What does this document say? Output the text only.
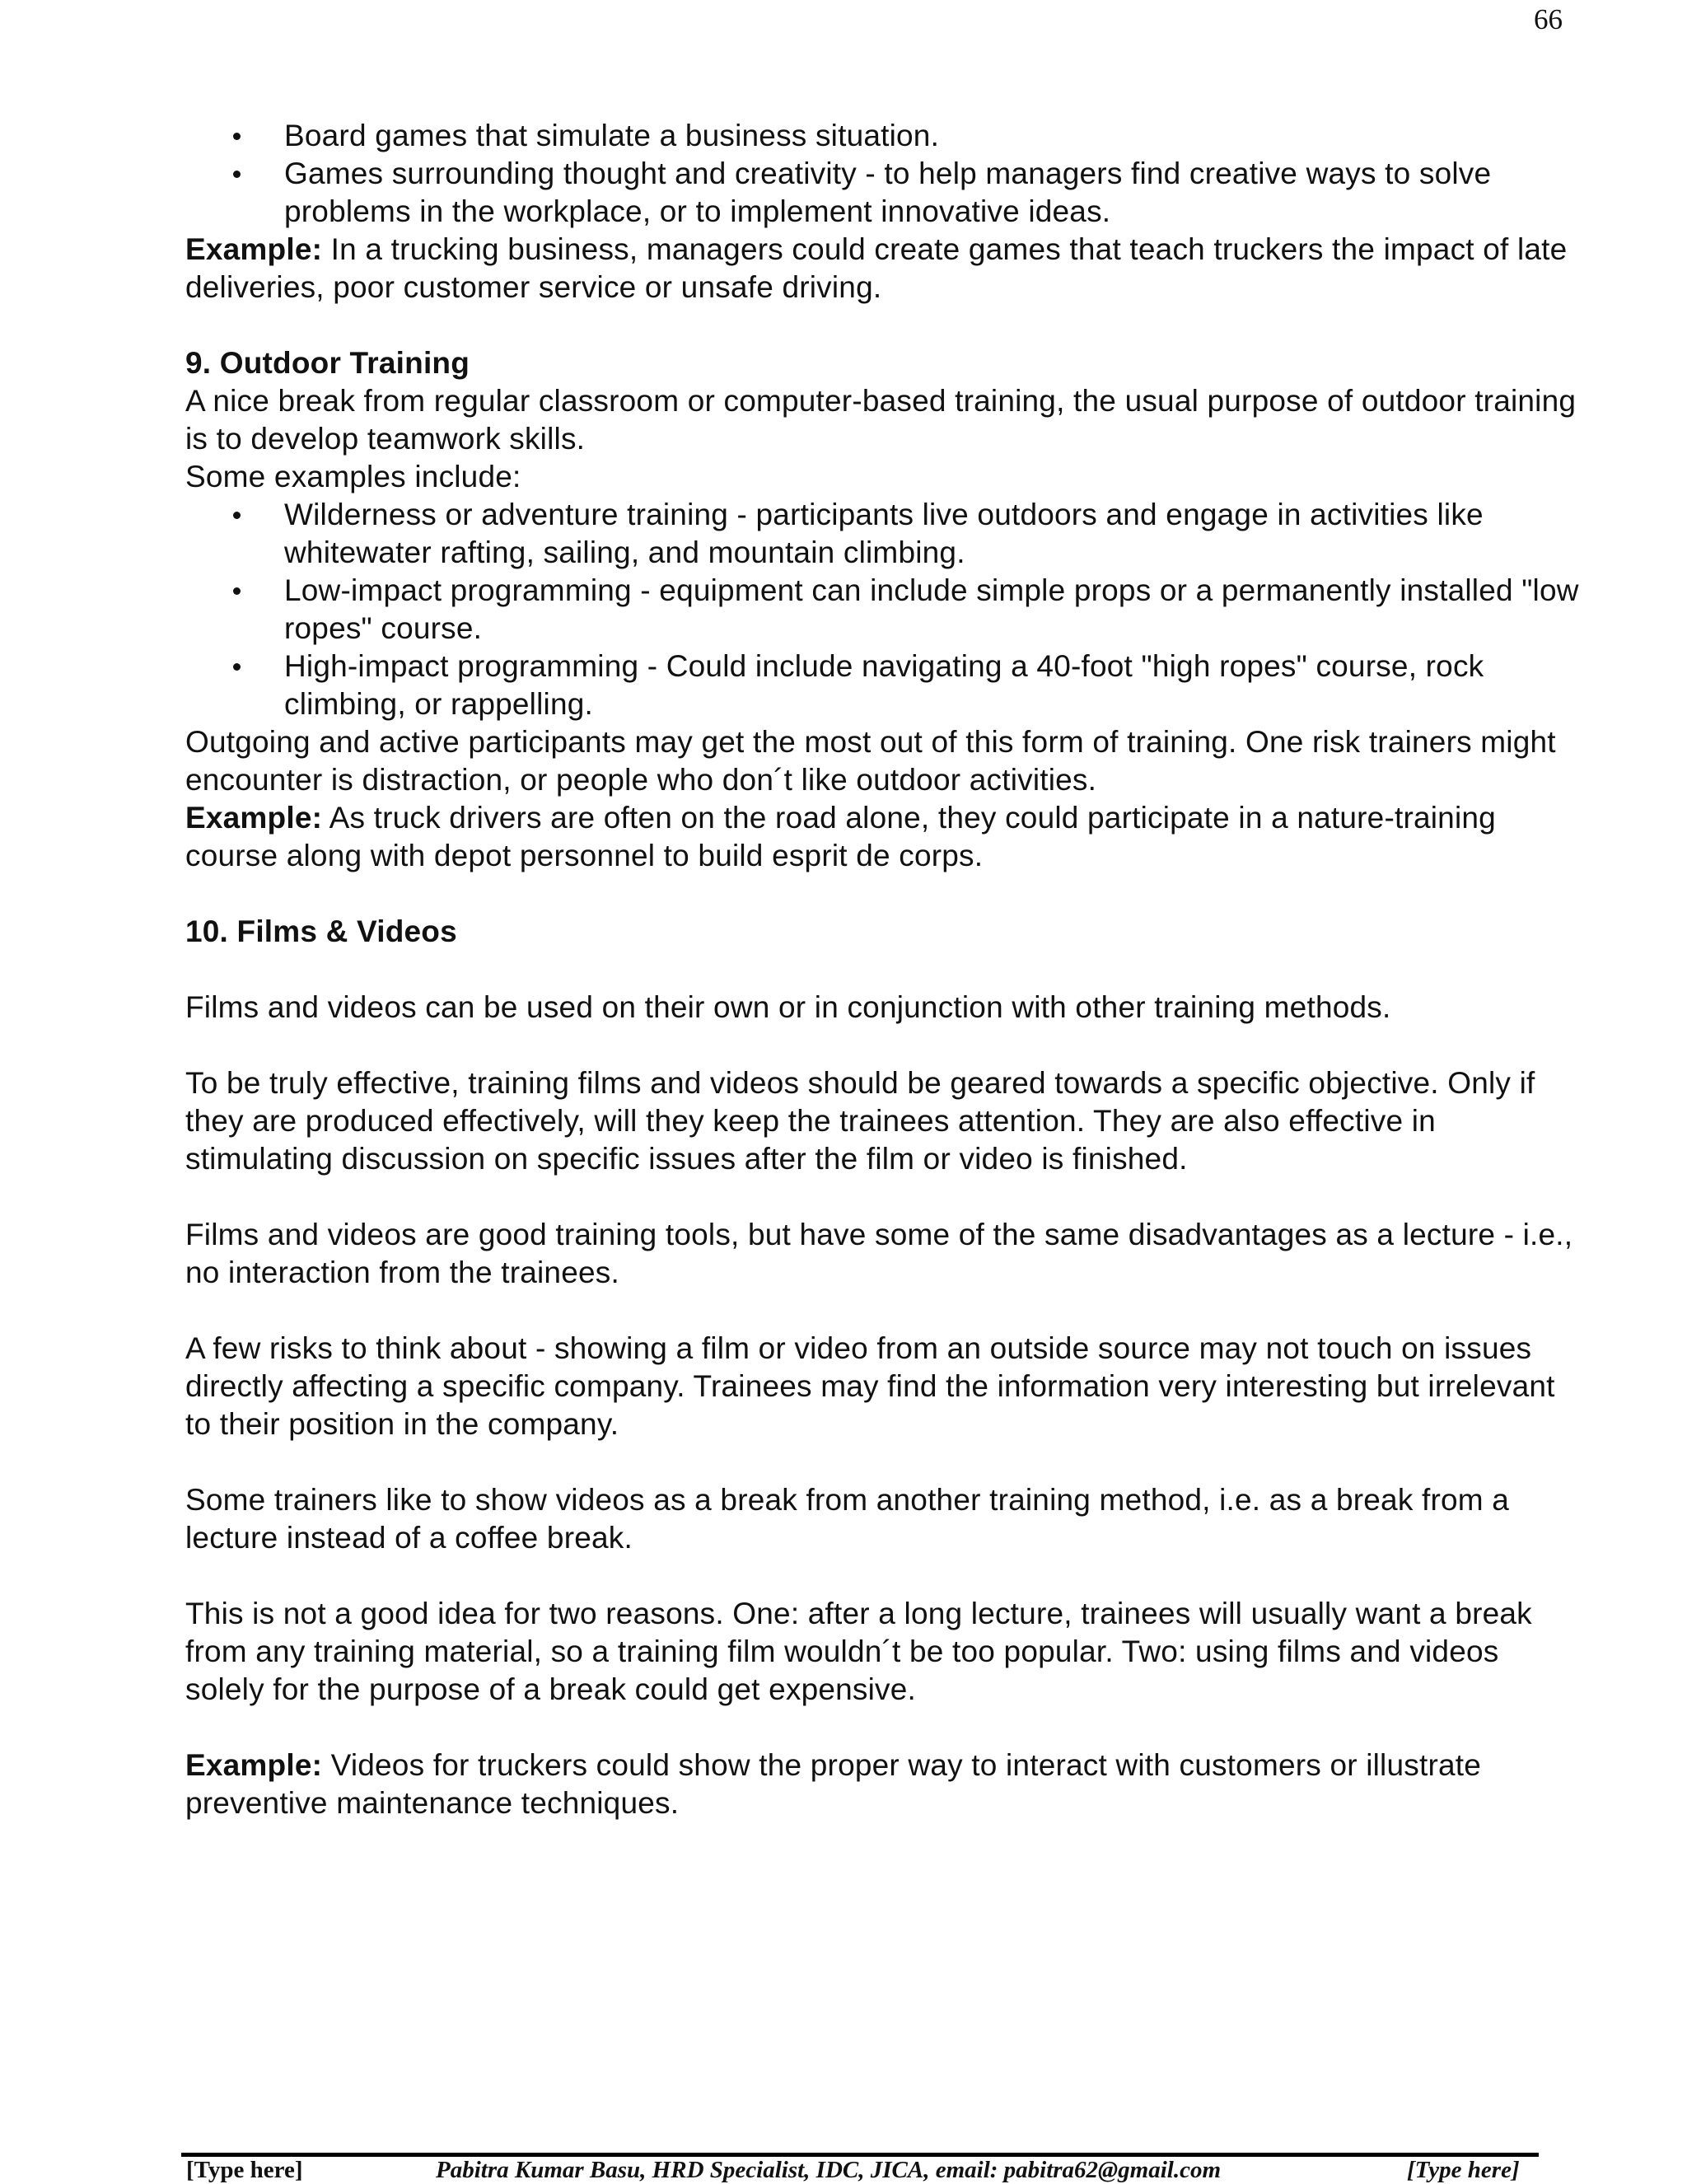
66
Board games that simulate a business situation.
Games surrounding thought and creativity - to help managers find creative ways to solve problems in the workplace, or to implement innovative ideas.

Example: In a trucking business, managers could create games that teach truckers the impact of late deliveries, poor customer service or unsafe driving.

9. Outdoor Training

A nice break from regular classroom or computer-based training, the usual purpose of outdoor training is to develop teamwork skills.

Some examples include:

Wilderness or adventure training - participants live outdoors and engage in activities like whitewater rafting, sailing, and mountain climbing.
Low-impact programming - equipment can include simple props or a permanently installed "low ropes" course.
High-impact programming - Could include navigating a 40-foot "high ropes" course, rock climbing, or rappelling.

Outgoing and active participants may get the most out of this form of training. One risk trainers might encounter is distraction, or people who don´t like outdoor activities.

Example: As truck drivers are often on the road alone, they could participate in a nature-training course along with depot personnel to build esprit de corps.

10. Films & Videos

Films and videos can be used on their own or in conjunction with other training methods.

To be truly effective, training films and videos should be geared towards a specific objective. Only if they are produced effectively, will they keep the trainees attention. They are also effective in stimulating discussion on specific issues after the film or video is finished.

Films and videos are good training tools, but have some of the same disadvantages as a lecture - i.e., no interaction from the trainees.

A few risks to think about - showing a film or video from an outside source may not touch on issues directly affecting a specific company. Trainees may find the information very interesting but irrelevant to their position in the company.

Some trainers like to show videos as a break from another training method, i.e. as a break from a lecture instead of a coffee break.

This is not a good idea for two reasons. One: after a long lecture, trainees will usually want a break from any training material, so a training film wouldn´t be too popular. Two: using films and videos solely for the purpose of a break could get expensive.

Example: Videos for truckers could show the proper way to interact with customers or illustrate preventive maintenance techniques.

[Type here]	Pabitra Kumar Basu, HRD Specialist, IDC, JICA, email: pabitra62@gmail.com	[Type here]
